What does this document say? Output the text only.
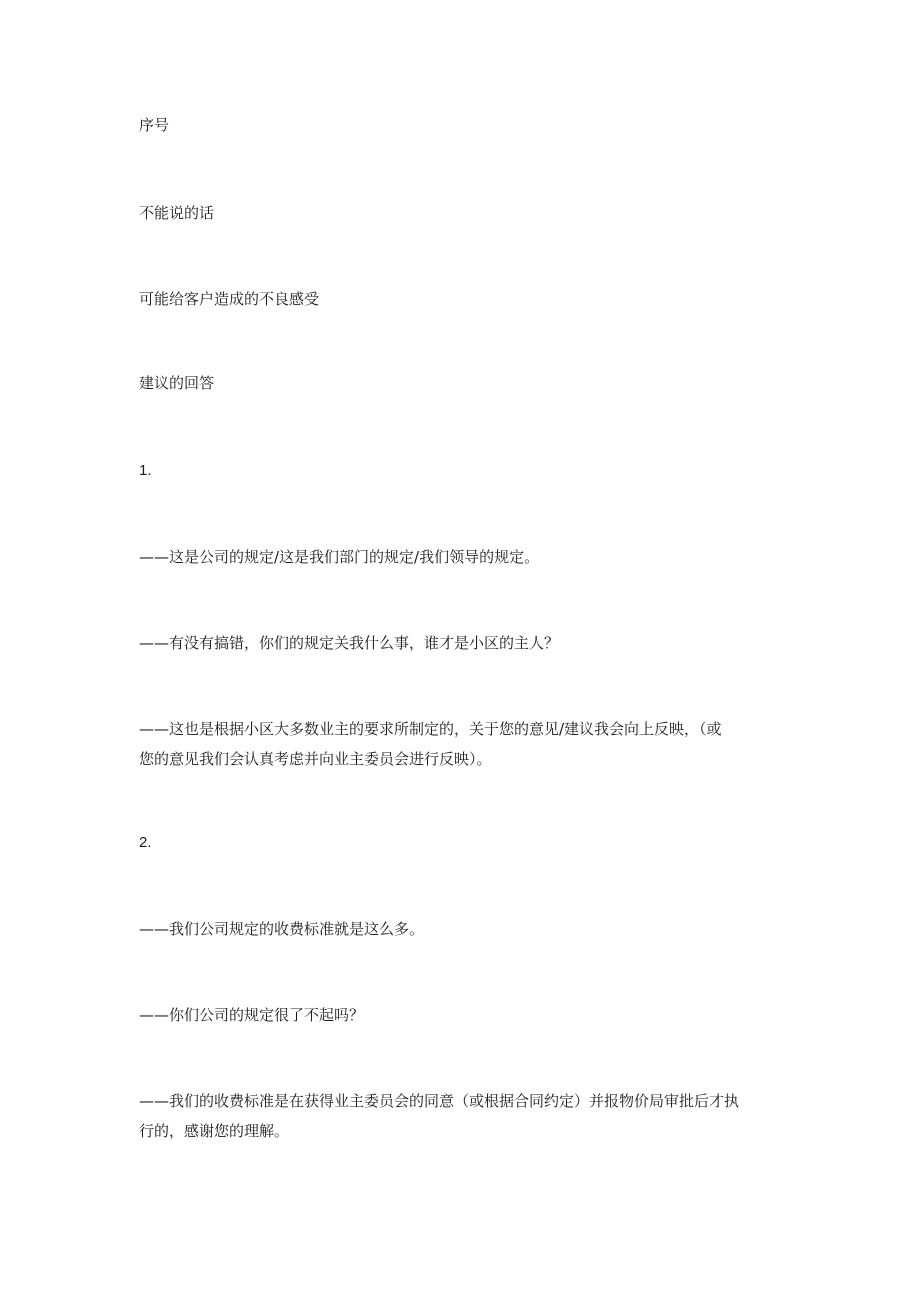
序号
不能说的话
可能给客户造成的不良感受
建议的回答
1.
——这是公司的规定/这是我们部门的规定/我们领导的规定。
——有没有搞错，你们的规定关我什么事，谁才是小区的主人？
——这也是根据小区大多数业主的要求所制定的，关于您的意见/建议我会向上反映，（或
您的意见我们会认真考虑并向业主委员会进行反映）。
2.
——我们公司规定的收费标准就是这么多。
——你们公司的规定很了不起吗？
——我们的收费标准是在获得业主委员会的同意（或根据合同约定）并报物价局审批后才执
行的，感谢您的理解。
